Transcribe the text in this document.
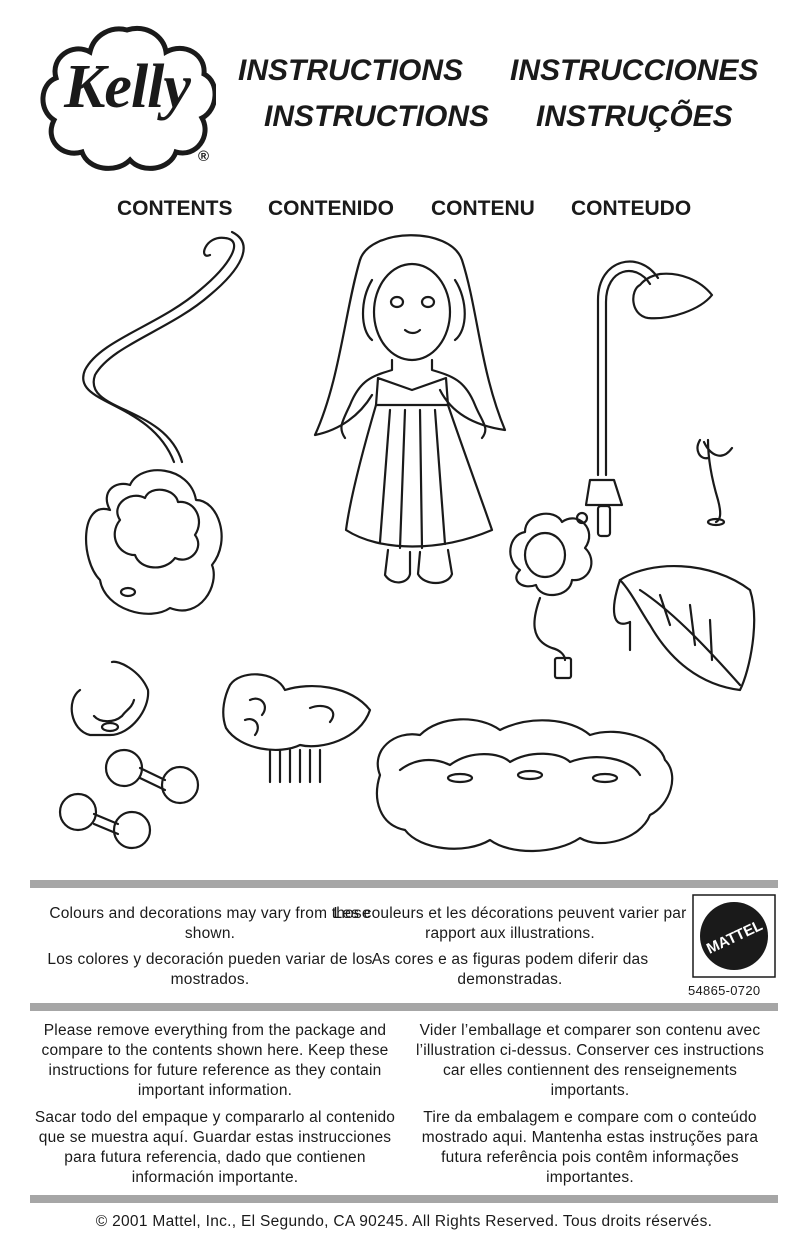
Kelly
®
INSTRUCTIONS INSTRUCCIONES
INSTRUCTIONS INSTRUÇÕES
CONTENTS CONTENIDO CONTENU CONTEUDO
Colours and decorations may vary from those shown.
Los colores y decoración pueden variar de los mostrados.
Les couleurs et les décorations peuvent varier par rapport aux illustrations.
As cores e as figuras podem diferir das demonstradas.
MATTEL
54865-0720
Please remove everything from the package and compare to the contents shown here. Keep these instructions for future reference as they contain important information.
Sacar todo del empaque y compararlo al contenido que se muestra aquí. Guardar estas instrucciones para futura referencia, dado que contienen información importante.
Vider l’emballage et comparer son contenu avec l’illustration ci-dessus. Conserver ces instructions car elles contiennent des renseignements importants.
Tire da embalagem e compare com o conteúdo mostrado aqui. Mantenha estas instruções para futura referência pois contêm informações importantes.
© 2001 Mattel, Inc., El Segundo, CA 90245. All Rights Reserved. Tous droits réservés.
